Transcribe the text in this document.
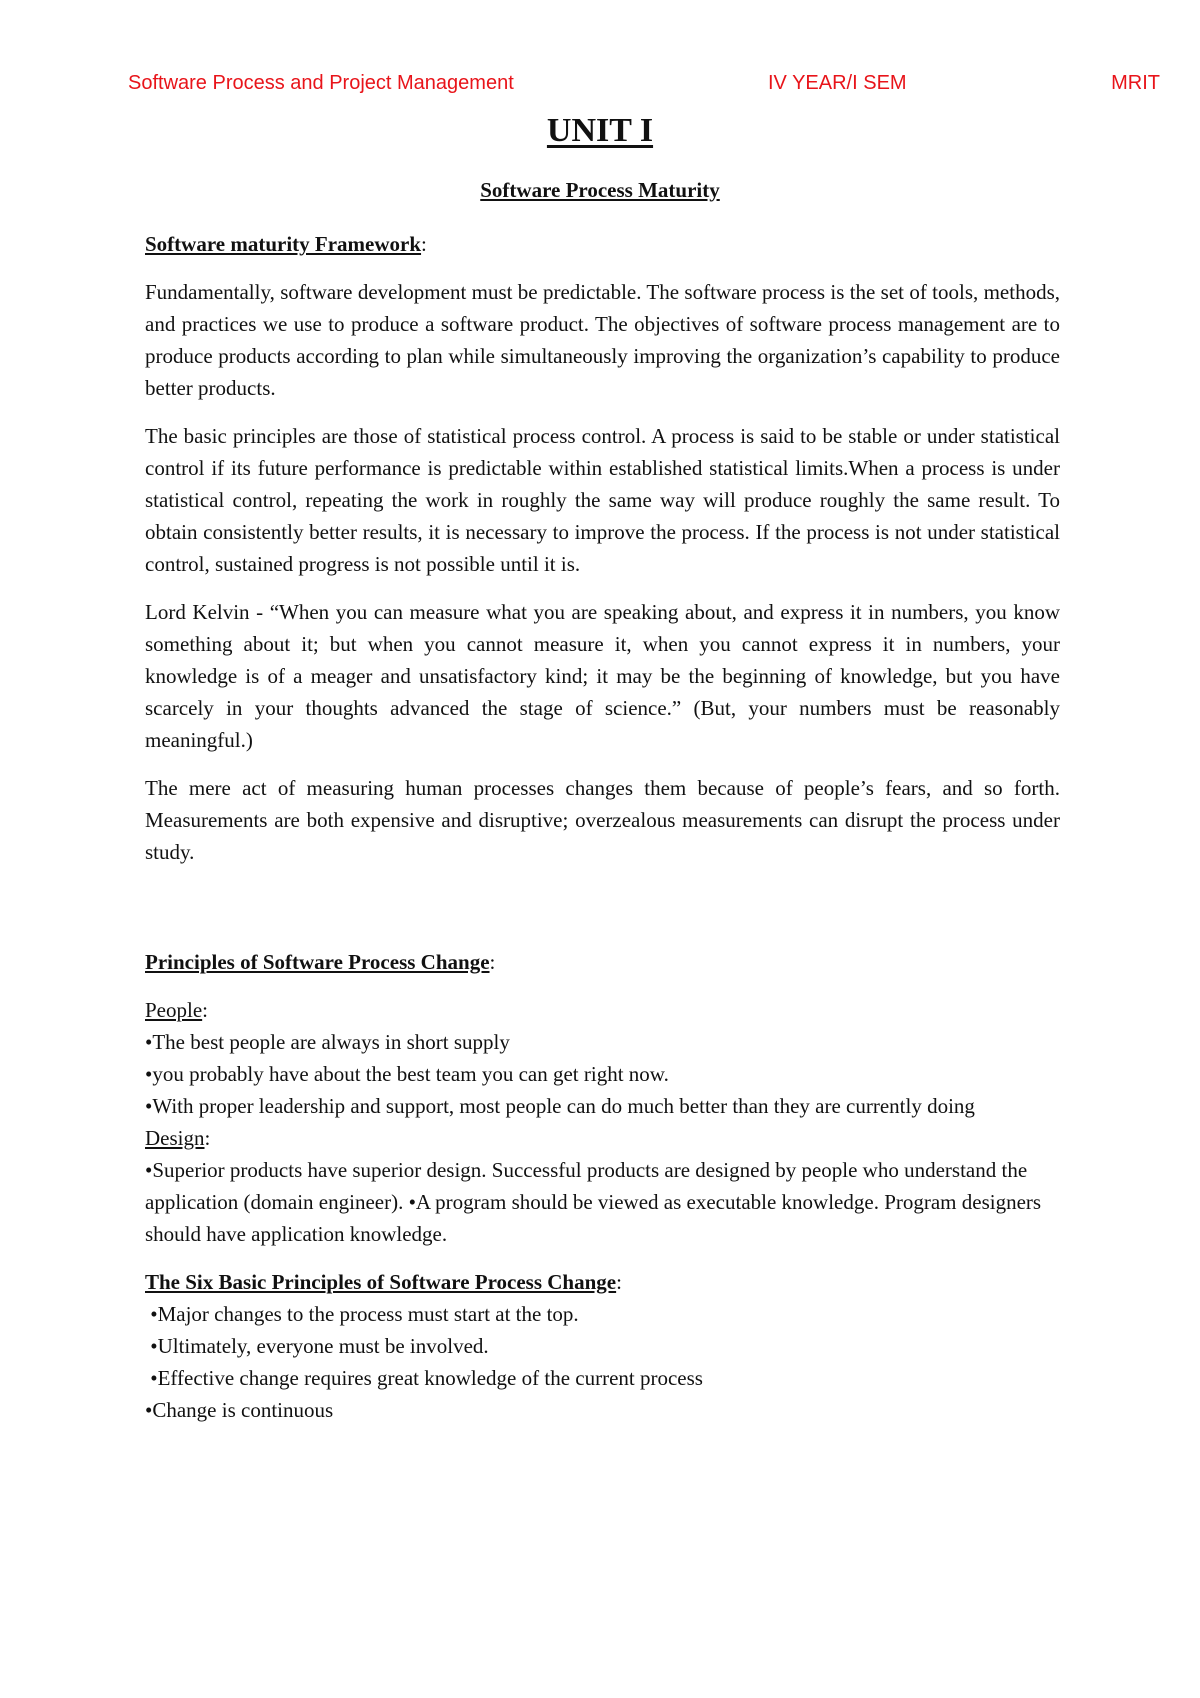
Software Process and Project Management	IV YEAR/I SEM	MRIT
UNIT I
Software Process Maturity
Software maturity Framework:

Fundamentally, software development must be predictable. The software process is the set of tools, methods, and practices we use to produce a software product. The objectives of software process management are to produce products according to plan while simultaneously improving the organization’s capability to produce better products.

The basic principles are those of statistical process control. A process is said to be stable or under statistical control if its future performance is predictable within established statistical limits.When a process is under statistical control, repeating the work in roughly the same way will produce roughly the same result. To obtain consistently better results, it is necessary to improve the process. If the process is not under statistical control, sustained progress is not possible until it is.

Lord Kelvin - “When you can measure what you are speaking about, and express it in numbers, you know something about it; but when you cannot measure it, when you cannot express it in numbers, your knowledge is of a meager and unsatisfactory kind; it may be the beginning of knowledge, but you have scarcely in your thoughts advanced the stage of science.” (But, your numbers must be reasonably meaningful.)

The mere act of measuring human processes changes them because of people’s fears, and so forth. Measurements are both expensive and disruptive; overzealous measurements can disrupt the process under study.

Principles of Software Process Change:
People:
•The best people are always in short supply
•you probably have about the best team you can get right now.
•With proper leadership and support, most people can do much better than they are currently doing
Design:
•Superior products have superior design. Successful products are designed by people who understand the application (domain engineer). •A program should be viewed as executable knowledge. Program designers should have application knowledge.
The Six Basic Principles of Software Process Change:
•Major changes to the process must start at the top.
•Ultimately, everyone must be involved.
•Effective change requires great knowledge of the current process
•Change is continuous
